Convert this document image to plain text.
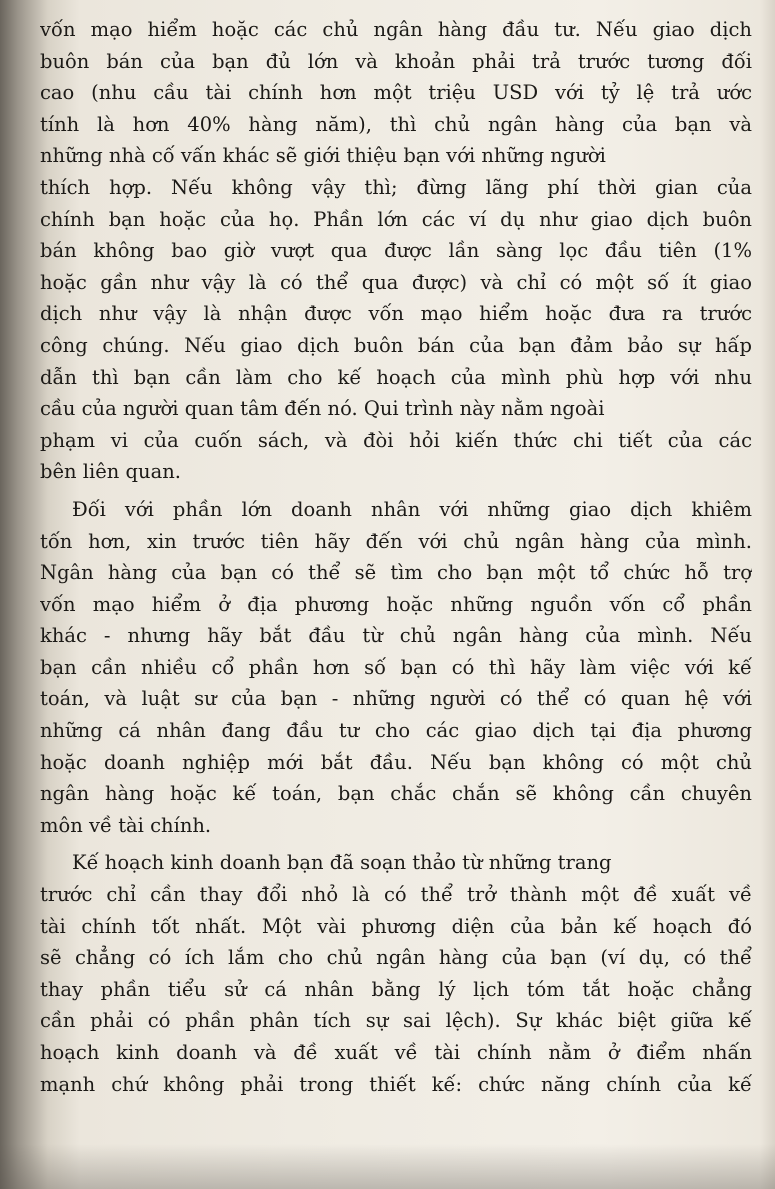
vốn mạo hiểm hoặc các chủ ngân hàng đầu tư. Nếu giao dịch
buôn bán của bạn đủ lớn và khoản phải trả trước tương đối
cao (nhu cầu tài chính hơn một triệu USD với tỷ lệ trả ước
tính là hơn 40% hàng năm), thì chủ ngân hàng của bạn và
những nhà cố vấn khác sẽ giới thiệu bạn với những người
thích hợp. Nếu không vậy thì; đừng lãng phí thời gian của
chính bạn hoặc của họ. Phần lớn các ví dụ như giao dịch buôn
bán không bao giờ vượt qua được lần sàng lọc đầu tiên (1%
hoặc gần như vậy là có thể qua được) và chỉ có một số ít giao
dịch như vậy là nhận được vốn mạo hiểm hoặc đưa ra trước
công chúng. Nếu giao dịch buôn bán của bạn đảm bảo sự hấp
dẫn thì bạn cần làm cho kế hoạch của mình phù hợp với nhu
cầu của người quan tâm đến nó. Qui trình này nằm ngoài
phạm vi của cuốn sách, và đòi hỏi kiến thức chi tiết của các
bên liên quan.

Đối với phần lớn doanh nhân với những giao dịch khiêm
tốn hơn, xin trước tiên hãy đến với chủ ngân hàng của mình.
Ngân hàng của bạn có thể sẽ tìm cho bạn một tổ chức hỗ trợ
vốn mạo hiểm ở địa phương hoặc những nguồn vốn cổ phần
khác - nhưng hãy bắt đầu từ chủ ngân hàng của mình. Nếu
bạn cần nhiều cổ phần hơn số bạn có thì hãy làm việc với kế
toán, và luật sư của bạn - những người có thể có quan hệ với
những cá nhân đang đầu tư cho các giao dịch tại địa phương
hoặc doanh nghiệp mới bắt đầu. Nếu bạn không có một chủ
ngân hàng hoặc kế toán, bạn chắc chắn sẽ không cần chuyên
môn về tài chính.

Kế hoạch kinh doanh bạn đã soạn thảo từ những trang
trước chỉ cần thay đổi nhỏ là có thể trở thành một đề xuất về
tài chính tốt nhất. Một vài phương diện của bản kế hoạch đó
sẽ chẳng có ích lắm cho chủ ngân hàng của bạn (ví dụ, có thể
thay phần tiểu sử cá nhân bằng lý lịch tóm tắt hoặc chẳng
cần phải có phần phân tích sự sai lệch). Sự khác biệt giữa kế
hoạch kinh doanh và đề xuất về tài chính nằm ở điểm nhấn
mạnh chứ không phải trong thiết kế: chức năng chính của kế
